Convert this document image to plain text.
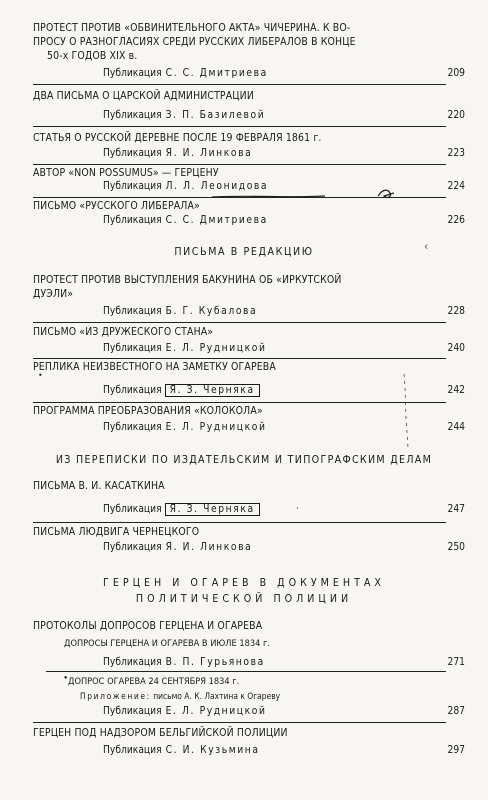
ПРОТЕСТ ПРОТИВ «ОБВИНИТЕЛЬНОГО АКТА» ЧИЧЕРИНА. К ВО-
ПРОСУ О РАЗНОГЛАСИЯХ СРЕДИ РУССКИХ ЛИБЕРАЛОВ В КОНЦЕ
50-х ГОДОВ XIX в.
Публикация С. С. Дмитриева	209
ДВА ПИСЬМА О ЦАРСКОЙ АДМИНИСТРАЦИИ
Публикация З. П. Базилевой	220
СТАТЬЯ О РУССКОЙ ДЕРЕВНЕ ПОСЛЕ 19 ФЕВРАЛЯ 1861 г.
Публикация Я. И. Линкова	223
АВТОР «NON POSSUMUS» — ГЕРЦЕНУ
Публикация Л. Л. Леонидова	224
ПИСЬМО «РУССКОГО ЛИБЕРАЛА»
Публикация С. С. Дмитриева	226
ПИСЬМА В РЕДАКЦИЮ	‹
ПРОТЕСТ ПРОТИВ ВЫСТУПЛЕНИЯ БАКУНИНА ОБ «ИРКУТСКОЙ
ДУЭЛИ»
Публикация Б. Г. Кубалова	228
ПИСЬМО «ИЗ ДРУЖЕСКОГО СТАНА»
Публикация Е. Л. Рудницкой	240
РЕПЛИКА НЕИЗВЕСТНОГО НА ЗАМЕТКУ ОГАРЕВА
•
Публикация Я. З. Черняка	242
ПРОГРАММА ПРЕОБРАЗОВАНИЯ «КОЛОКОЛА»
Публикация Е. Л. Рудницкой	244
ИЗ ПЕРЕПИСКИ ПО ИЗДАТЕЛЬСКИМ И ТИПОГРАФСКИМ ДЕЛАМ
ПИСЬМА В. И. КАСАТКИНА
Публикация Я. З. Черняка	247
·
ПИСЬМА ЛЮДВИГА ЧЕРНЕЦКОГО
Публикация Я. И. Линкова	250
ГЕРЦЕН И ОГАРЕВ В ДОКУМЕНТАХ
ПОЛИТИЧЕСКОЙ ПОЛИЦИИ
ПРОТОКОЛЫ ДОПРОСОВ ГЕРЦЕНА И ОГАРЕВА
ДОПРОСЫ ГЕРЦЕНА И ОГАРЕВА В ИЮЛЕ 1834 г.
Публикация В. П. Гурьянова	271
ДОПРОС ОГАРЕВА 24 СЕНТЯБРЯ 1834 г.
•
Приложение: письмо А. К. Лахтина к Огареву
Публикация Е. Л. Рудницкой	287
ГЕРЦЕН ПОД НАДЗОРОМ БЕЛЬГИЙСКОЙ ПОЛИЦИИ
Публикация С. И. Кузьмина	297
